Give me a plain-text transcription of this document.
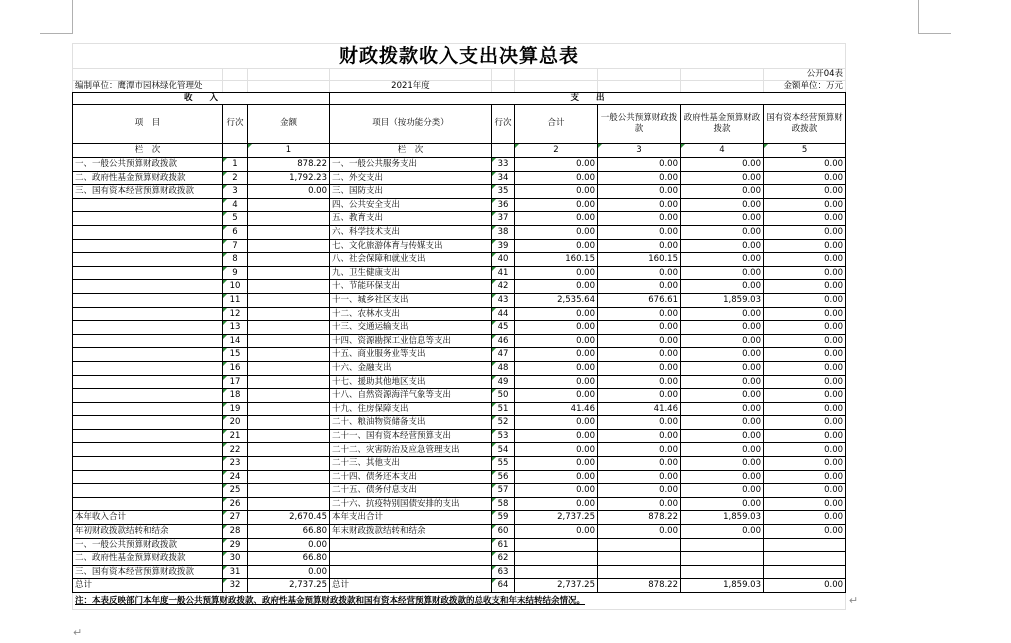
财政拨款收入支出决算总表								
								公开04表
编制单位：鹰潭市园林绿化管理处			2021年度					金额单位：万元
收　　入			支　　出					
项　目	行次	金额	项目（按功能分类）	行次	合计	一般公共预算财政拨款	政府性基金预算财政拨款	国有资本经营预算财政拨款
栏　次		1	栏　次		2	3	4	5
一、一般公共预算财政拨款	1	878.22	一、一般公共服务支出	33	0.00	0.00	0.00	0.00
二、政府性基金预算财政拨款	2	1,792.23	二、外交支出	34	0.00	0.00	0.00	0.00
三、国有资本经营预算财政拨款	3	0.00	三、国防支出	35	0.00	0.00	0.00	0.00
	4		四、公共安全支出	36	0.00	0.00	0.00	0.00
	5		五、教育支出	37	0.00	0.00	0.00	0.00
	6		六、科学技术支出	38	0.00	0.00	0.00	0.00
	7		七、文化旅游体育与传媒支出	39	0.00	0.00	0.00	0.00
	8		八、社会保障和就业支出	40	160.15	160.15	0.00	0.00
	9		九、卫生健康支出	41	0.00	0.00	0.00	0.00
	10		十、节能环保支出	42	0.00	0.00	0.00	0.00
	11		十一、城乡社区支出	43	2,535.64	676.61	1,859.03	0.00
	12		十二、农林水支出	44	0.00	0.00	0.00	0.00
	13		十三、交通运输支出	45	0.00	0.00	0.00	0.00
	14		十四、资源勘探工业信息等支出	46	0.00	0.00	0.00	0.00
	15		十五、商业服务业等支出	47	0.00	0.00	0.00	0.00
	16		十六、金融支出	48	0.00	0.00	0.00	0.00
	17		十七、援助其他地区支出	49	0.00	0.00	0.00	0.00
	18		十八、自然资源海洋气象等支出	50	0.00	0.00	0.00	0.00
	19		十九、住房保障支出	51	41.46	41.46	0.00	0.00
	20		二十、粮油物资储备支出	52	0.00	0.00	0.00	0.00
	21		二十一、国有资本经营预算支出	53	0.00	0.00	0.00	0.00
	22		二十二、灾害防治及应急管理支出	54	0.00	0.00	0.00	0.00
	23		二十三、其他支出	55	0.00	0.00	0.00	0.00
	24		二十四、债务还本支出	56	0.00	0.00	0.00	0.00
	25		二十五、债务付息支出	57	0.00	0.00	0.00	0.00
	26		二十六、抗疫特别国债安排的支出	58	0.00	0.00	0.00	0.00
本年收入合计	27	2,670.45	本年支出合计	59	2,737.25	878.22	1,859.03	0.00
年初财政拨款结转和结余	28	66.80	年末财政拨款结转和结余	60	0.00	0.00	0.00	0.00
一、一般公共预算财政拨款	29	0.00		61				
二、政府性基金预算财政拨款	30	66.80		62				
三、国有资本经营预算财政拨款	31	0.00		63				
总计	32	2,737.25	总计	64	2,737.25	878.22	1,859.03	0.00
注：本表反映部门本年度一般公共预算财政拨款、政府性基金预算财政拨款和国有资本经营预算财政拨款的总收支和年末结转结余情况。 ↵								
↵
